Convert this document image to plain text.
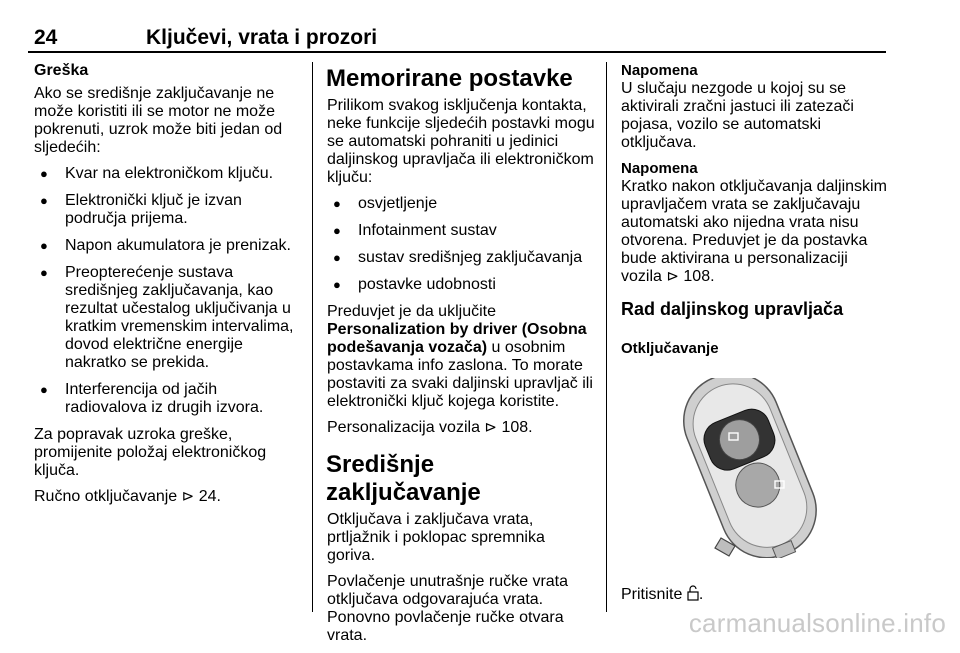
24	Ključevi, vrata i prozori
Greška

Ako se središnje zaključavanje ne može koristiti ili se motor ne može pokrenuti, uzrok može biti jedan od sljedećih:

● Kvar na elektroničkom ključu.
● Elektronički ključ je izvan područja prijema.
● Napon akumulatora je prenizak.
● Preopterećenje sustava središnjeg zaključavanja, kao rezultat učestalog uključivanja u kratkim vremenskim intervalima, dovod električne energije nakratko se prekida.
● Interferencija od jačih radiovalova iz drugih izvora.

Za popravak uzroka greške, promijenite položaj elektroničkog ključa.

Ručno otključavanje ⊳ 24.

Memorirane postavke

Prilikom svakog isključenja kontakta, neke funkcije sljedećih postavki mogu se automatski pohraniti u jedinici daljinskog upravljača ili elektroničkom ključu:

● osvjetljenje
● Infotainment sustav
● sustav središnjeg zaključavanja
● postavke udobnosti

Preduvjet je da uključite
Personalization by driver (Osobna podešavanja vozača) u osobnim postavkama info zaslona. To morate postaviti za svaki daljinski upravljač ili elektronički ključ kojega koristite.

Personalizacija vozila ⊳ 108.

Središnje zaključavanje

Otključava i zaključava vrata, prtljažnik i poklopac spremnika goriva.

Povlačenje unutrašnje ručke vrata otključava odgovarajuća vrata. Ponovno povlačenje ručke otvara vrata.

Napomena

U slučaju nezgode u kojoj su se aktivirali zračni jastuci ili zatezači pojasa, vozilo se automatski otključava.

Napomena

Kratko nakon otključavanja daljinskim upravljačem vrata se zaključavaju automatski ako nijedna vrata nisu otvorena. Preduvjet je da postavka bude aktivirana u personalizaciji vozila ⊳ 108.

Rad daljinskog upravljača
Otključavanje
Pritisnite .
carmanualsonline.info
